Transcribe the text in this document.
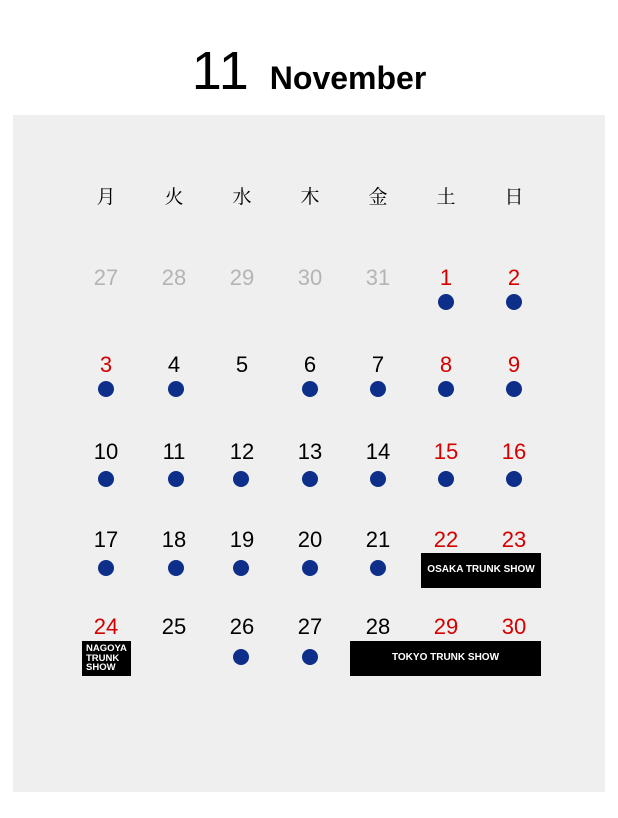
11 November
月	火	水	木	金	土	日
27	28	29	30	31	1	2
3	4	5	6	7	8	9
10	11	12	13	14	15	16
17	18	19	20	21	22	23
24	25	26	27	28	29	30
OSAKA TRUNK SHOW
TOKYO TRUNK SHOW
NAGOYA
TRUNK
SHOW
